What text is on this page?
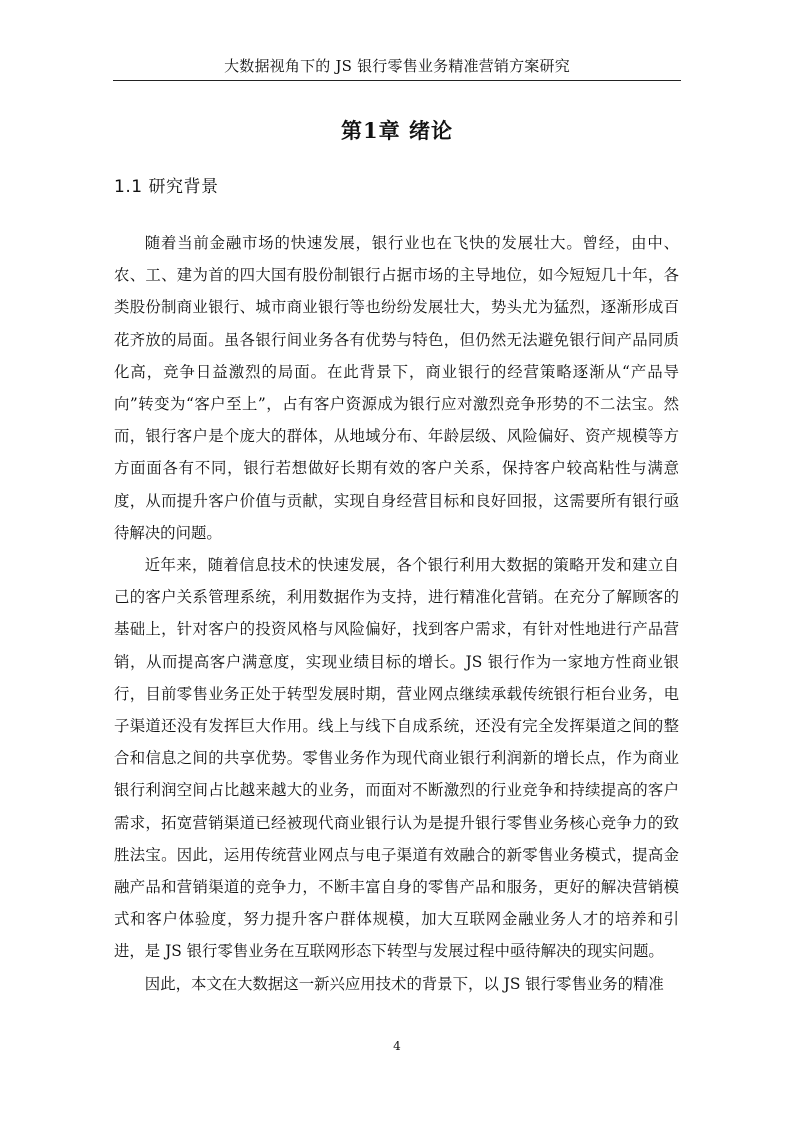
大数据视角下的 JS 银行零售业务精准营销方案研究
第1章 绪论
1.1 研究背景

随着当前金融市场的快速发展，银行业也在飞快的发展壮大。曾经，由中、农、工、建为首的四大国有股份制银行占据市场的主导地位，如今短短几十年，各类股份制商业银行、城市商业银行等也纷纷发展壮大，势头尤为猛烈，逐渐形成百花齐放的局面。虽各银行间业务各有优势与特色，但仍然无法避免银行间产品同质化高，竞争日益激烈的局面。在此背景下，商业银行的经营策略逐渐从“产品导向”转变为“客户至上”，占有客户资源成为银行应对激烈竞争形势的不二法宝。然而，银行客户是个庞大的群体，从地域分布、年龄层级、风险偏好、资产规模等方方面面各有不同，银行若想做好长期有效的客户关系，保持客户较高粘性与满意度，从而提升客户价值与贡献，实现自身经营目标和良好回报，这需要所有银行亟待解决的问题。

近年来，随着信息技术的快速发展，各个银行利用大数据的策略开发和建立自己的客户关系管理系统，利用数据作为支持，进行精准化营销。在充分了解顾客的基础上，针对客户的投资风格与风险偏好，找到客户需求，有针对性地进行产品营销，从而提高客户满意度，实现业绩目标的增长。JS 银行作为一家地方性商业银行，目前零售业务正处于转型发展时期，营业网点继续承载传统银行柜台业务，电子渠道还没有发挥巨大作用。线上与线下自成系统，还没有完全发挥渠道之间的整合和信息之间的共享优势。零售业务作为现代商业银行利润新的增长点，作为商业银行利润空间占比越来越大的业务，而面对不断激烈的行业竞争和持续提高的客户需求，拓宽营销渠道已经被现代商业银行认为是提升银行零售业务核心竞争力的致胜法宝。因此，运用传统营业网点与电子渠道有效融合的新零售业务模式，提高金融产品和营销渠道的竞争力，不断丰富自身的零售产品和服务，更好的解决营销模式和客户体验度，努力提升客户群体规模，加大互联网金融业务人才的培养和引进，是 JS 银行零售业务在互联网形态下转型与发展过程中亟待解决的现实问题。

因此，本文在大数据这一新兴应用技术的背景下，以 JS 银行零售业务的精准

4
